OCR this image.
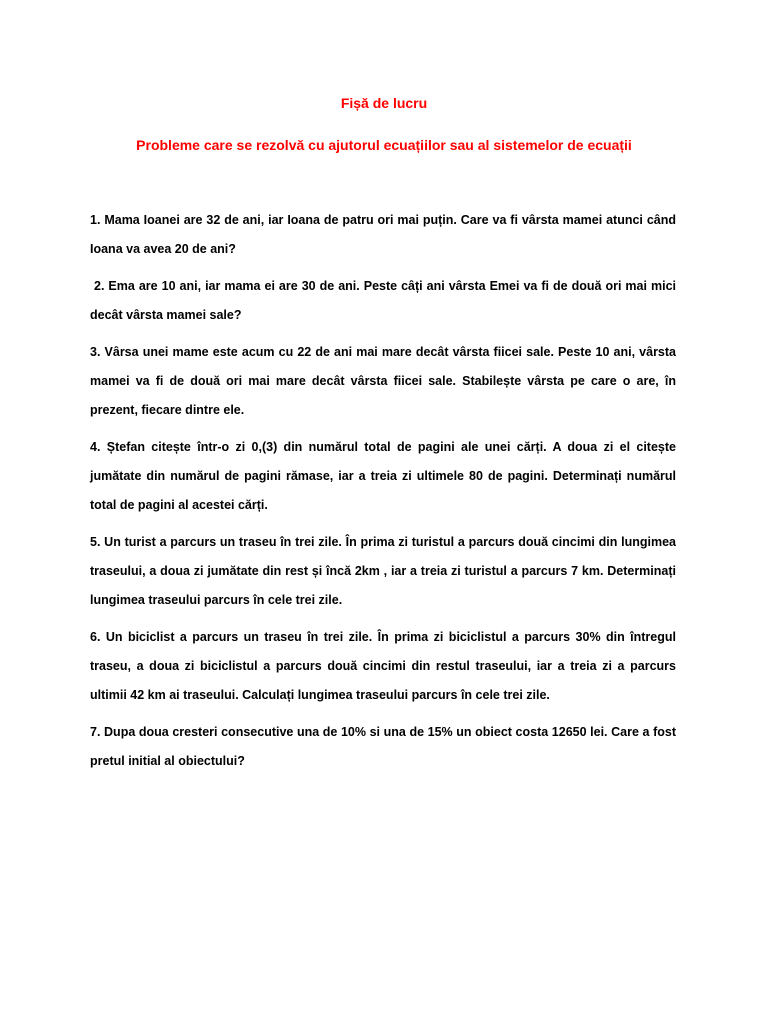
Fișă de lucru
Probleme care se rezolvă cu ajutorul ecuațiilor sau al sistemelor de ecuații

1. Mama Ioanei are 32 de ani, iar Ioana de patru ori mai puțin. Care va fi vârsta mamei atunci când Ioana va avea 20 de ani?

2. Ema are 10 ani, iar mama ei are 30 de ani. Peste câți ani vârsta Emei va fi de două ori mai mici decât vârsta mamei sale?

3. Vârsa unei mame este acum cu 22 de ani mai mare decât vârsta fiicei sale. Peste 10 ani, vârsta mamei va fi de două ori mai mare decât vârsta fiicei sale. Stabilește vârsta pe care o are, în prezent, fiecare dintre ele.

4. Ștefan citește într-o zi 0,(3) din numărul total de pagini ale unei cărți. A doua zi el citește jumătate din numărul de pagini rămase, iar a treia zi ultimele 80 de pagini. Determinați numărul total de pagini al acestei cărți.

5. Un turist a parcurs un traseu în trei zile. În prima zi turistul a parcurs două cincimi din lungimea traseului, a doua zi jumătate din rest și încă 2km , iar a treia zi turistul a parcurs 7 km. Determinați lungimea traseului parcurs în cele trei zile.

6. Un biciclist a parcurs un traseu în trei zile. În prima zi biciclistul a parcurs 30% din întregul traseu, a doua zi biciclistul a parcurs două cincimi din restul traseului, iar a treia zi a parcurs ultimii 42 km ai traseului. Calculați lungimea traseului parcurs în cele trei zile.

7. Dupa doua cresteri consecutive una de 10% si una de 15% un obiect costa 12650 lei. Care a fost pretul initial al obiectului?
